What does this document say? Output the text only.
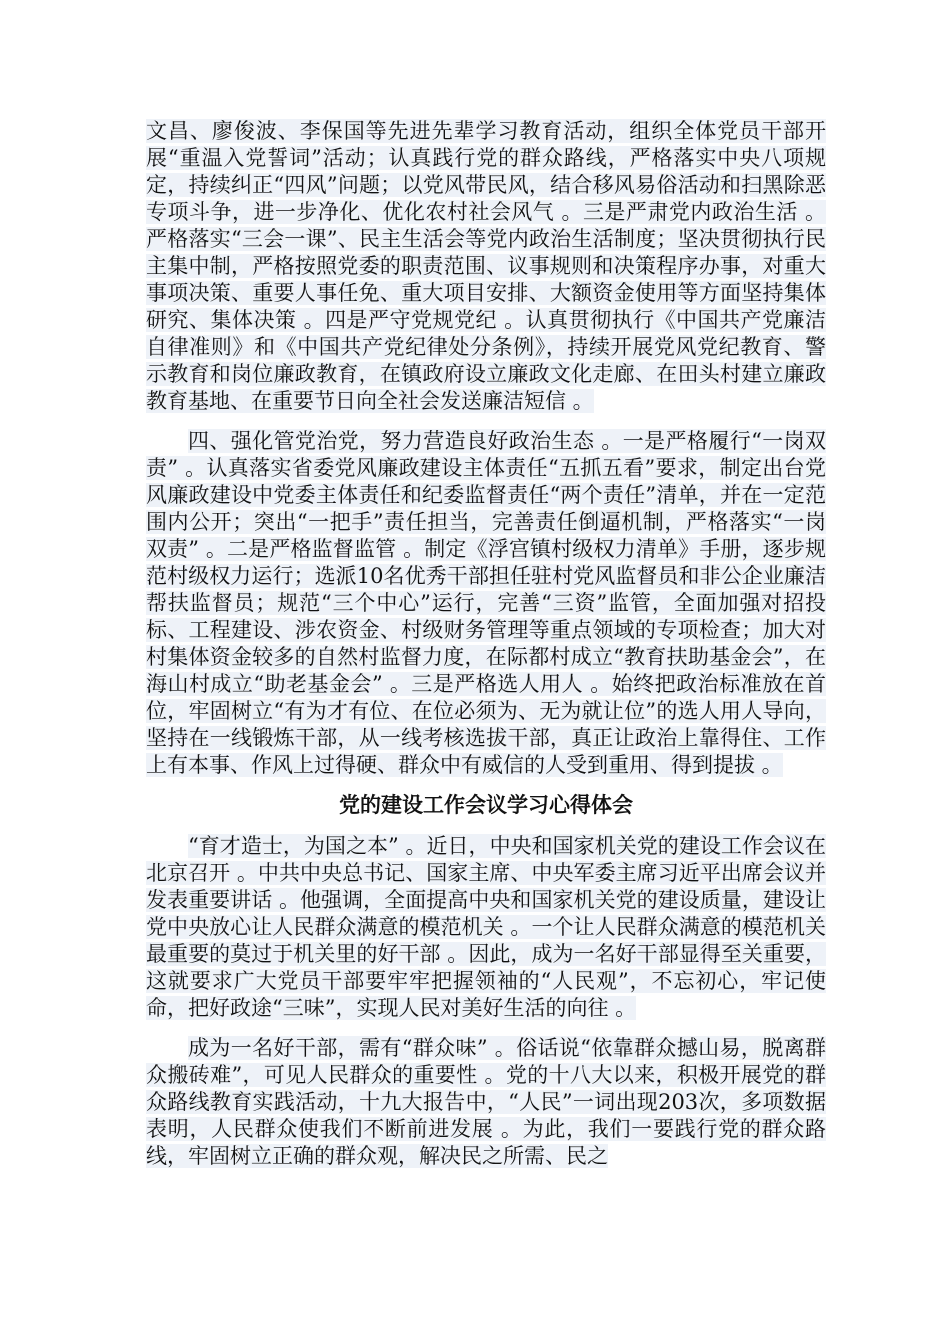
文昌、廖俊波、李保国等先进先辈学习教育活动，组织全体党员干部开展“重温入党誓词”活动；认真践行党的群众路线，严格落实中央八项规定，持续纠正“四风”问题；以党风带民风，结合移风易俗活动和扫黑除恶专项斗争，进一步净化、优化农村社会风气 。三是严肃党内政治生活 。严格落实“三会一课”、民主生活会等党内政治生活制度；坚决贯彻执行民主集中制，严格按照党委的职责范围、议事规则和决策程序办事，对重大事项决策、重要人事任免、重大项目安排、大额资金使用等方面坚持集体研究、集体决策 。四是严守党规党纪 。认真贯彻执行《中国共产党廉洁自律准则》和《中国共产党纪律处分条例》，持续开展党风党纪教育、警示教育和岗位廉政教育，在镇政府设立廉政文化走廊、在田头村建立廉政教育基地、在重要节日向全社会发送廉洁短信 。

四、强化管党治党，努力营造良好政治生态 。一是严格履行“一岗双责” 。认真落实省委党风廉政建设主体责任“五抓五看”要求，制定出台党风廉政建设中党委主体责任和纪委监督责任“两个责任”清单，并在一定范围内公开；突出“一把手”责任担当，完善责任倒逼机制，严格落实“一岗双责” 。二是严格监督监管 。制定《浮宫镇村级权力清单》手册，逐步规范村级权力运行；选派10名优秀干部担任驻村党风监督员和非公企业廉洁帮扶监督员；规范“三个中心”运行，完善“三资”监管，全面加强对招投标、工程建设、涉农资金、村级财务管理等重点领域的专项检查；加大对村集体资金较多的自然村监督力度，在际都村成立“教育扶助基金会”，在海山村成立“助老基金会” 。三是严格选人用人 。始终把政治标准放在首位，牢固树立“有为才有位、在位必须为、无为就让位”的选人用人导向，坚持在一线锻炼干部，从一线考核选拔干部，真正让政治上靠得住、工作上有本事、作风上过得硬、群众中有威信的人受到重用、得到提拔 。

党的建设工作会议学习心得体会

“育才造士，为国之本” 。近日，中央和国家机关党的建设工作会议在北京召开 。中共中央总书记、国家主席、中央军委主席习近平出席会议并发表重要讲话 。他强调，全面提高中央和国家机关党的建设质量，建设让党中央放心让人民群众满意的模范机关 。一个让人民群众满意的模范机关最重要的莫过于机关里的好干部 。因此，成为一名好干部显得至关重要，这就要求广大党员干部要牢牢把握领袖的“人民观”，不忘初心，牢记使命，把好政途“三味”，实现人民对美好生活的向往 。

成为一名好干部，需有“群众味” 。俗话说“依靠群众撼山易，脱离群众搬砖难”，可见人民群众的重要性 。党的十八大以来，积极开展党的群众路线教育实践活动，十九大报告中，“人民”一词出现203次，多项数据表明，人民群众使我们不断前进发展 。为此，我们一要践行党的群众路线，牢固树立正确的群众观，解决民之所需、民之
